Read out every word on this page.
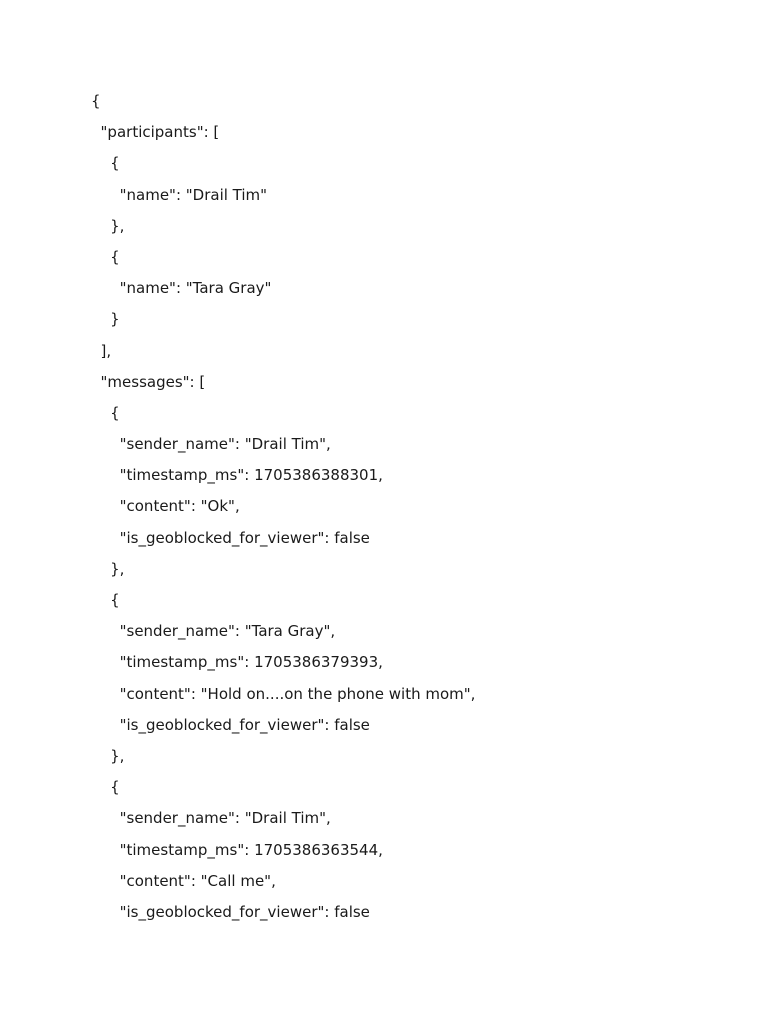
{
"participants": [
{
"name": "Drail Tim"
},
{
"name": "Tara Gray"
}
],
"messages": [
{
"sender_name": "Drail Tim",
"timestamp_ms": 1705386388301,
"content": "Ok",
"is_geoblocked_for_viewer": false
},
{
"sender_name": "Tara Gray",
"timestamp_ms": 1705386379393,
"content": "Hold on....on the phone with mom",
"is_geoblocked_for_viewer": false
},
{
"sender_name": "Drail Tim",
"timestamp_ms": 1705386363544,
"content": "Call me",
"is_geoblocked_for_viewer": false
